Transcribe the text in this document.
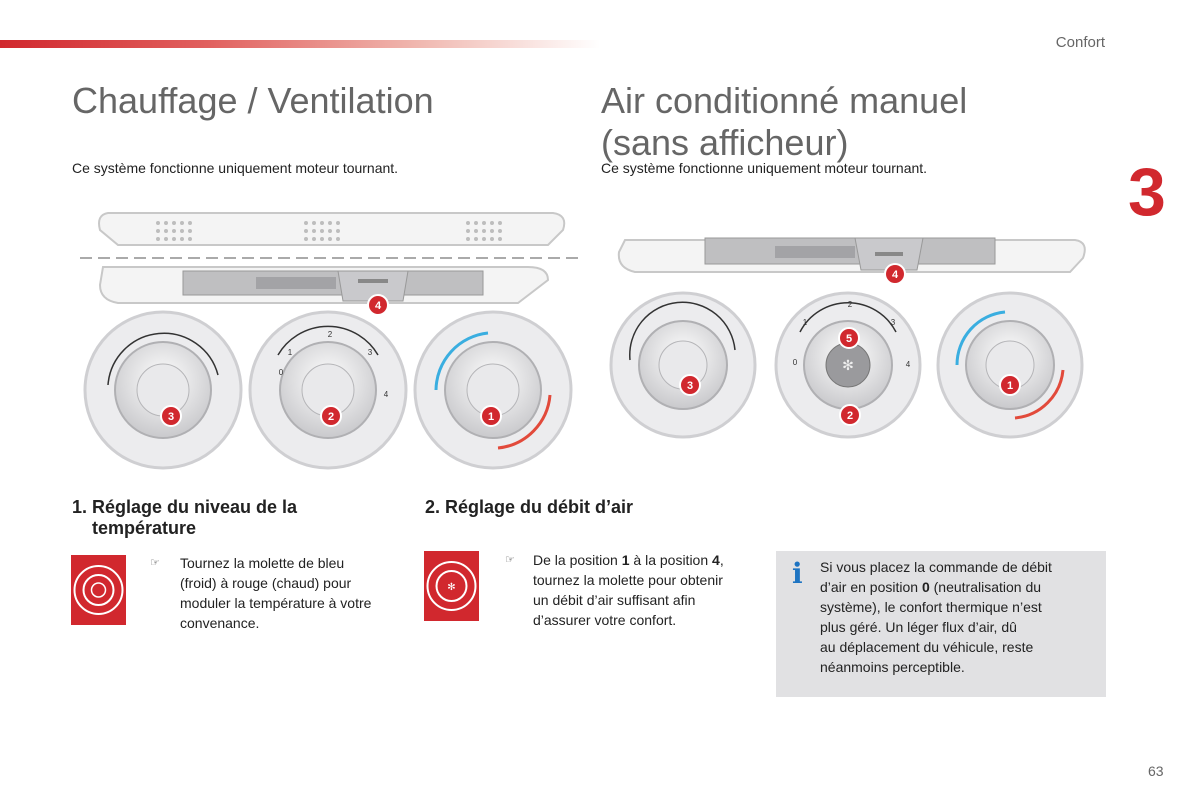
Confort
3
63
Chauffage / Ventilation

Ce système fonctionne uniquement moteur tournant.

Air conditionné manuel
(sans afficheur)

Ce système fonctionne uniquement moteur tournant.

0
1
2
3
4
4
3	2	1
✻
0
1
2
3
4
4
3
5
2
1
1. Réglage du niveau de la
température
☞ Tournez la molette de bleu
(froid) à rouge (chaud) pour
moduler la température à votre
convenance.

2. Réglage du débit d’air
✻
☞ De la position 1 à la position 4,
tournez la molette pour obtenir
un débit d’air suffisant afin
d’assurer votre confort.

i Si vous placez la commande de débit
d’air en position 0 (neutralisation du
système), le confort thermique n’est
plus géré. Un léger flux d’air, dû
au déplacement du véhicule, reste
néanmoins perceptible.
